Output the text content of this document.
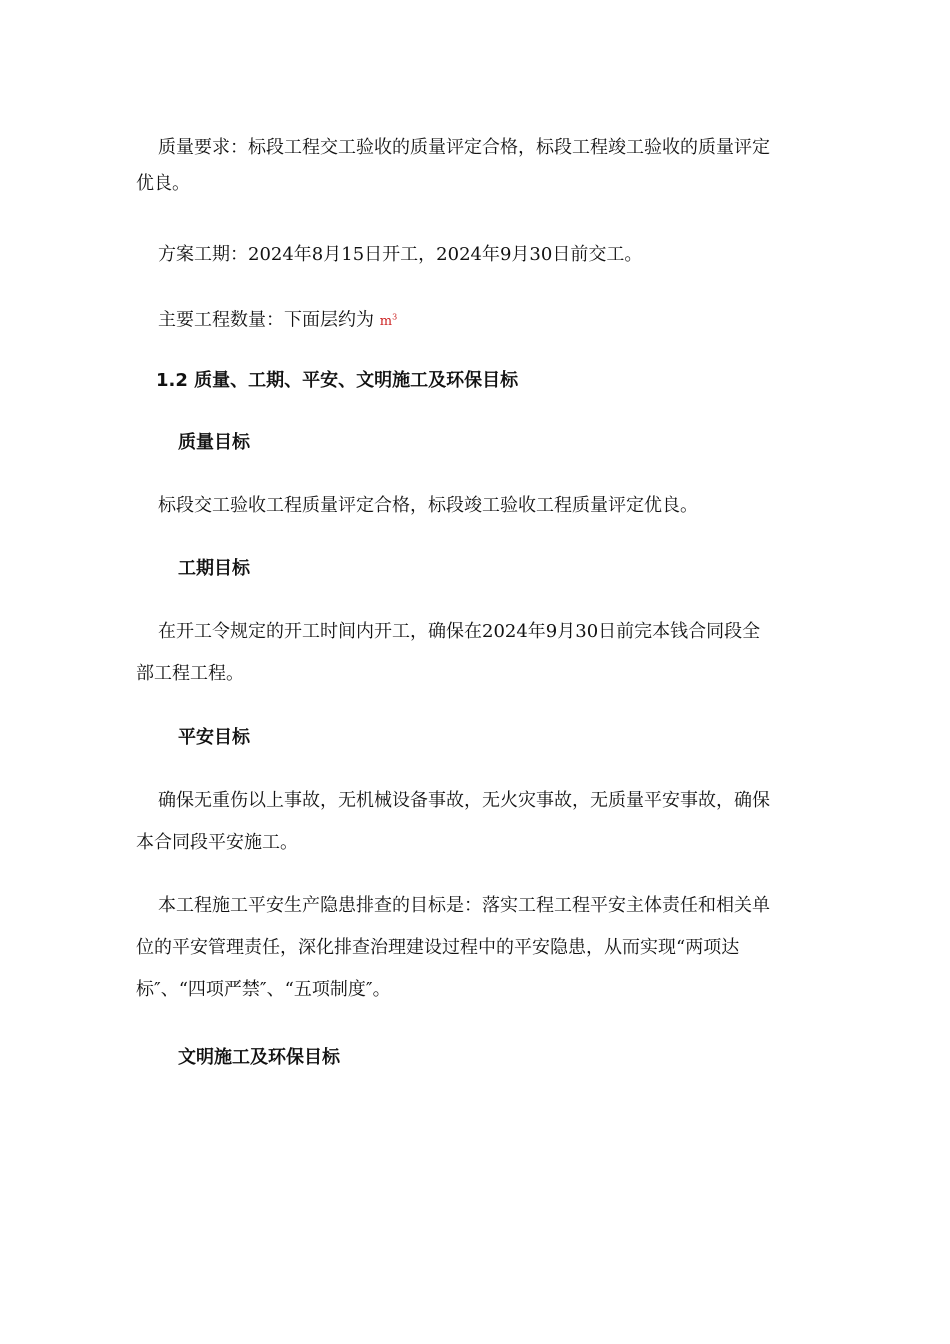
质量要求：标段工程交工验收的质量评定合格，标段工程竣工验收的质量评定

优良。

方案工期：2024年8月15日开工，2024年9月30日前交工。

主要工程数量：下面层约为 $m^3$

1.2 质量、工期、平安、文明施工及环保目标
质量目标

标段交工验收工程质量评定合格，标段竣工验收工程质量评定优良。

工期目标

在开工令规定的开工时间内开工，确保在2024年9月30日前完本钱合同段全

部工程工程。

平安目标

确保无重伤以上事故，无机械设备事故，无火灾事故，无质量平安事故，确保

本合同段平安施工。

本工程施工平安生产隐患排查的目标是：落实工程工程平安主体责任和相关单

位的平安管理责任，深化排查治理建设过程中的平安隐患，从而实现“两项达

标″、“四项严禁″、“五项制度″。

文明施工及环保目标
